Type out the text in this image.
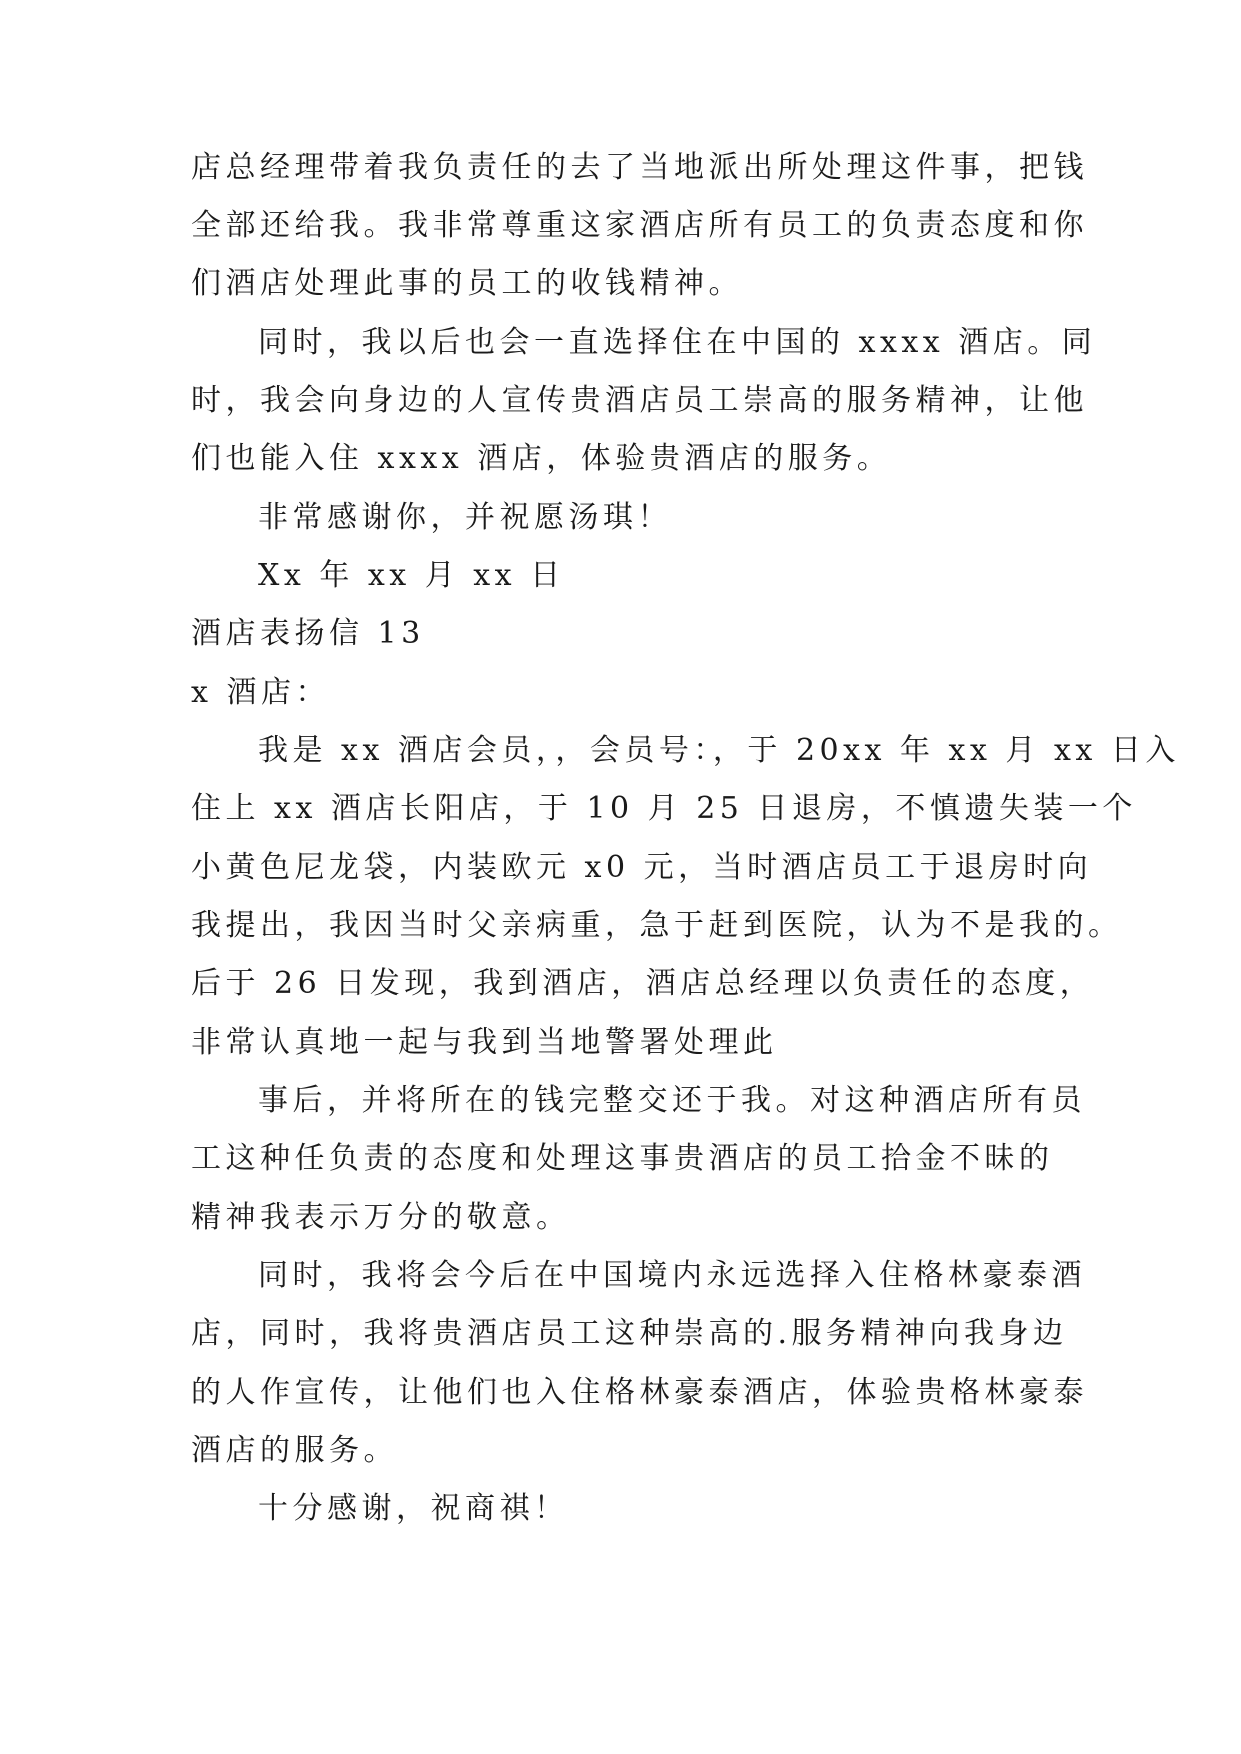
店总经理带着我负责任的去了当地派出所处理这件事，把钱
全部还给我。我非常尊重这家酒店所有员工的负责态度和你
们酒店处理此事的员工的收钱精神。
同时，我以后也会一直选择住在中国的 xxxx 酒店。同
时，我会向身边的人宣传贵酒店员工崇高的服务精神，让他
们也能入住 xxxx 酒店，体验贵酒店的服务。
非常感谢你，并祝愿汤琪！
Xx 年 xx 月 xx 日
酒店表扬信 13
x 酒店：
我是 xx 酒店会员，，会员号：，于 20xx 年 xx 月 xx 日入
住上 xx 酒店长阳店，于 10 月 25 日退房，不慎遗失装一个
小黄色尼龙袋，内装欧元 x0 元，当时酒店员工于退房时向
我提出，我因当时父亲病重，急于赶到医院，认为不是我的。
后于 26 日发现，我到酒店，酒店总经理以负责任的态度，
非常认真地一起与我到当地警署处理此
事后，并将所在的钱完整交还于我。对这种酒店所有员
工这种任负责的态度和处理这事贵酒店的员工拾金不昧的
精神我表示万分的敬意。
同时，我将会今后在中国境内永远选择入住格林豪泰酒
店，同时，我将贵酒店员工这种崇高的.服务精神向我身边
的人作宣传，让他们也入住格林豪泰酒店，体验贵格林豪泰
酒店的服务。
十分感谢，祝商祺！
